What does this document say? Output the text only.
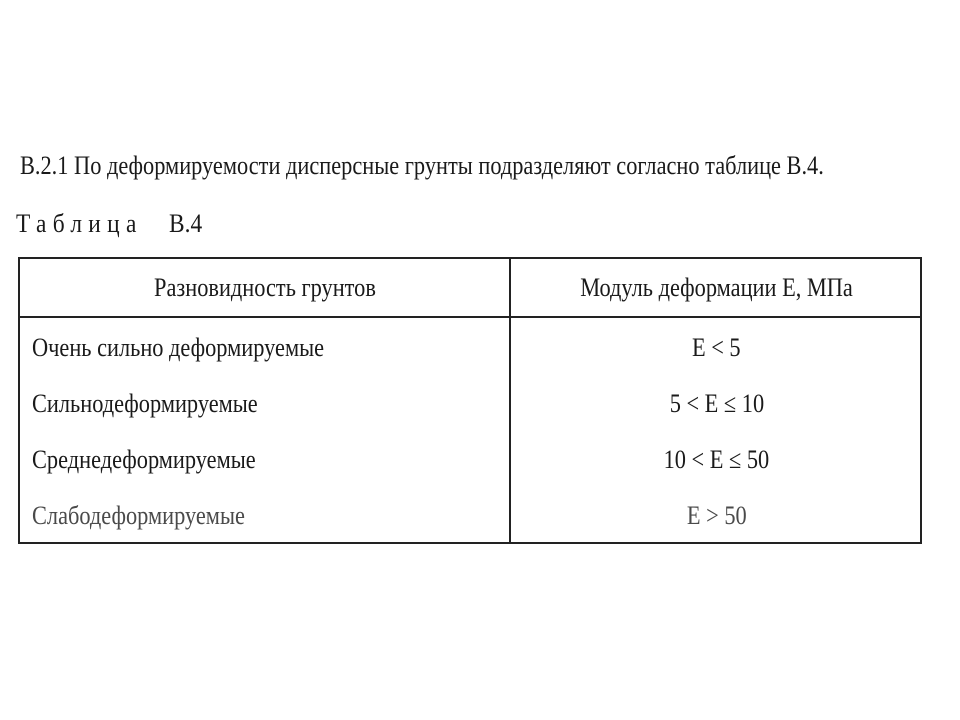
В.2.1 По деформируемости дисперсные грунты подразделяют согласно таблице В.4.
Таблица В.4
Разновидность грунтов	Модуль деформации E, МПа
Очень сильно деформируемые	E < 5
Сильнодеформируемые	5 < E ≤ 10
Среднедеформируемые	10 < E ≤ 50
Слабодеформируемые	E > 50
